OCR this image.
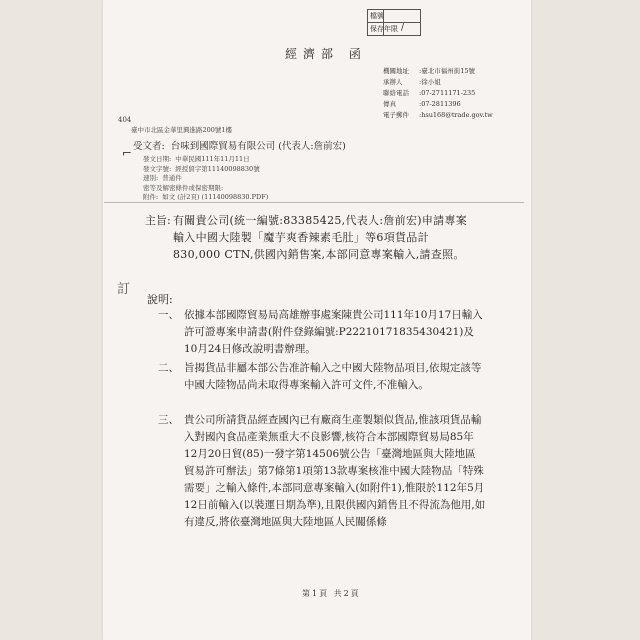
檔號
保存年限 /
經濟部 函
機關地址 :臺北市福州街15號
承辦人	:徐小姐
聯絡電話 :07-2711171-235
傳真	:07-2811396
電子郵件 :hsu168@trade.gov.tw
404
臺中市北區金華里興進路200號1樓
受文者: 台味到國際貿易有限公司 (代表人:詹前宏)
⌐ 發文日期: 中華民國111年11月11日
發文字號: 經授貿字第11140098830號
速別: 普通件
密等及解密條件或保密期限:
附件: 如文 (計2頁) (11140098830.PDF)
主旨: 有關貴公司(統一編號:83385425,代表人:詹前宏)申請專案輸入中國大陸製「魔芋爽香辣素毛肚」等6項貨品計830,000 CTN,供國內銷售案,本部同意專案輸入,請查照。
訂
說明:
一、 依據本部國際貿易局高雄辦事處案陳貴公司111年10月17日輸入許可證專案申請書(附件登錄編號:P22210171835430421)及10月24日修改說明書辦理。
二、 旨揭貨品非屬本部公告准許輸入之中國大陸物品項目,依規定該等中國大陸物品尚未取得專案輸入許可文件,不准輸入。
三、 貴公司所請貨品經查國內已有廠商生產製類似貨品,惟該項貨品輸入對國內食品產業無重大不良影響,核符合本部國際貿易局85年12月20日貿(85)一發字第14506號公告「臺灣地區與大陸地區貿易許可辦法」第7條第1項第13款專案核准中國大陸物品「特殊需要」之輸入條件,本部同意專案輸入(如附件1),惟限於112年5月12日前輸入(以裝運日期為準),且限供國內銷售且不得流為他用,如有違反,將依臺灣地區與大陸地區人民關係條
第1頁 共2頁
